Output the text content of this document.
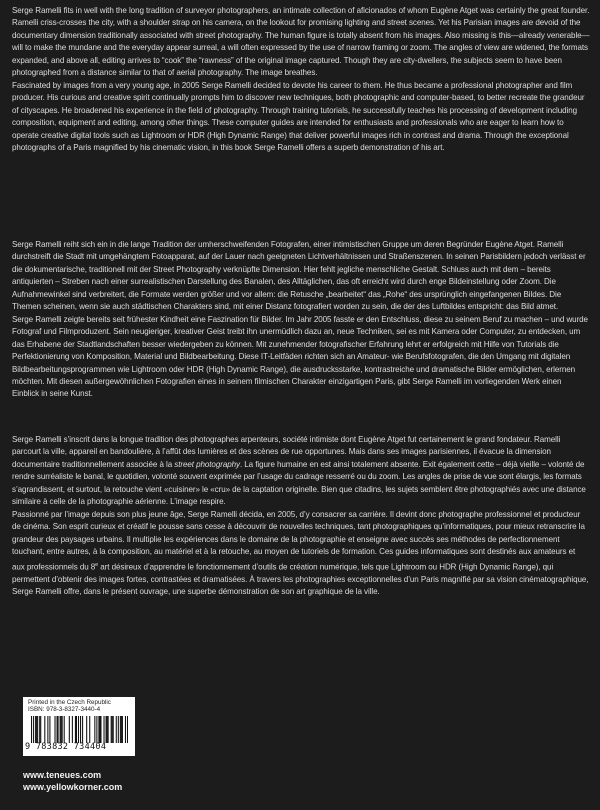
Serge Ramelli fits in well with the long tradition of surveyor photographers, an intimate collection of aficionados of whom Eugène Atget was certainly the great founder. Ramelli criss-crosses the city, with a shoulder strap on his camera, on the lookout for promising lighting and street scenes. Yet his Parisian images are devoid of the documentary dimension traditionally associated with street photography. The human figure is totally absent from his images. Also missing is this—already venerable—will to make the mundane and the everyday appear surreal, a will often expressed by the use of narrow framing or zoom. The angles of view are widened, the formats expanded, and above all, editing arrives to “cook” the “rawness” of the original image captured. Though they are city-dwellers, the subjects seem to have been photographed from a distance similar to that of aerial photography. The image breathes.

Fascinated by images from a very young age, in 2005 Serge Ramelli decided to devote his career to them. He thus became a professional photographer and film producer. His curious and creative spirit continually prompts him to discover new techniques, both photographic and computer-based, to better recreate the grandeur of cityscapes. He broadened his experience in the field of photography. Through training tutorials, he successfully teaches his processing of development including composition, equipment and editing, among other things. These computer guides are intended for enthusiasts and professionals who are eager to learn how to operate creative digital tools such as Lightroom or HDR (High Dynamic Range) that deliver powerful images rich in contrast and drama. Through the exceptional photographs of a Paris magnified by his cinematic vision, in this book Serge Ramelli offers a superb demonstration of his art.

Serge Ramelli reiht sich ein in die lange Tradition der umherschweifenden Fotografen, einer intimistischen Gruppe um deren Begründer Eugène Atget. Ramelli durchstreift die Stadt mit umgehängtem Fotoapparat, auf der Lauer nach geeigneten Lichtverhältnissen und Straßenszenen. In seinen Parisbildern jedoch verlässt er die dokumentarische, traditionell mit der Street Photography verknüpfte Dimension. Hier fehlt jegliche menschliche Gestalt. Schluss auch mit dem – bereits antiquierten – Streben nach einer surrealistischen Darstellung des Banalen, des Alltäglichen, das oft erreicht wird durch enge Bildeinstellung oder Zoom. Die Aufnahmewinkel sind verbreitert, die Formate werden größer und vor allem: die Retusche „bearbeitet“ das „Rohe“ des ursprünglich eingefangenen Bildes. Die Themen scheinen, wenn sie auch städtischen Charakters sind, mit einer Distanz fotografiert worden zu sein, die der des Luftbildes entspricht: das Bild atmet.

Serge Ramelli zeigte bereits seit frühester Kindheit eine Faszination für Bilder. Im Jahr 2005 fasste er den Entschluss, diese zu seinem Beruf zu machen – und wurde Fotograf und Filmproduzent. Sein neugieriger, kreativer Geist treibt ihn unermüdlich dazu an, neue Techniken, sei es mit Kamera oder Computer, zu entdecken, um das Erhabene der Stadtlandschaften besser wiedergeben zu können. Mit zunehmender fotografischer Erfahrung lehrt er erfolgreich mit Hilfe von Tutorials die Perfektionierung von Komposition, Material und Bildbearbeitung. Diese IT-Leitfäden richten sich an Amateur- wie Berufsfotografen, die den Umgang mit digitalen Bildbearbeitungsprogrammen wie Lightroom oder HDR (High Dynamic Range), die ausdrucksstarke, kontrastreiche und dramatische Bilder ermöglichen, erlernen möchten. Mit diesen außergewöhnlichen Fotografien eines in seinem filmischen Charakter einzigartigen Paris, gibt Serge Ramelli im vorliegenden Werk einen Einblick in seine Kunst.

Serge Ramelli s’inscrit dans la longue tradition des photographes arpenteurs, société intimiste dont Eugène Atget fut certainement le grand fondateur. Ramelli parcourt la ville, appareil en bandoulière, à l’affût des lumières et des scènes de rue opportunes. Mais dans ses images parisiennes, il évacue la dimension documentaire traditionnellement associée à la street photography. La figure humaine en est ainsi totalement absente. Exit également cette – déjà vieille – volonté de rendre surréaliste le banal, le quotidien, volonté souvent exprimée par l’usage du cadrage resserré ou du zoom. Les angles de prise de vue sont élargis, les formats s’agrandissent, et surtout, la retouche vient «cuisiner» le «cru» de la captation originelle. Bien que citadins, les sujets semblent être photographiés avec une distance similaire à celle de la photographie aérienne. L’image respire.

Passionné par l’image depuis son plus jeune âge, Serge Ramelli décida, en 2005, d’y consacrer sa carrière. Il devint donc photographe professionnel et producteur de cinéma. Son esprit curieux et créatif le pousse sans cesse à découvrir de nouvelles techniques, tant photographiques qu’informatiques, pour mieux retranscrire la grandeur des paysages urbains. Il multiplie les expériences dans le domaine de la photographie et enseigne avec succès ses méthodes de perfectionnement touchant, entre autres, à la composition, au matériel et à la retouche, au moyen de tutoriels de formation. Ces guides informatiques sont destinés aux amateurs et aux professionnels du 8e art désireux d’apprendre le fonctionnement d’outils de création numérique, tels que Lightroom ou HDR (High Dynamic Range), qui permettent d’obtenir des images fortes, contrastées et dramatisées. À travers les photographies exceptionnelles d’un Paris magnifié par sa vision cinématographique, Serge Ramelli offre, dans le présent ouvrage, une superbe démonstration de son art graphique de la ville.

Printed in the Czech Republic
ISBN: 978-3-8327-3440-4
9 783832 734404
www.teneues.com
www.yellowkorner.com
